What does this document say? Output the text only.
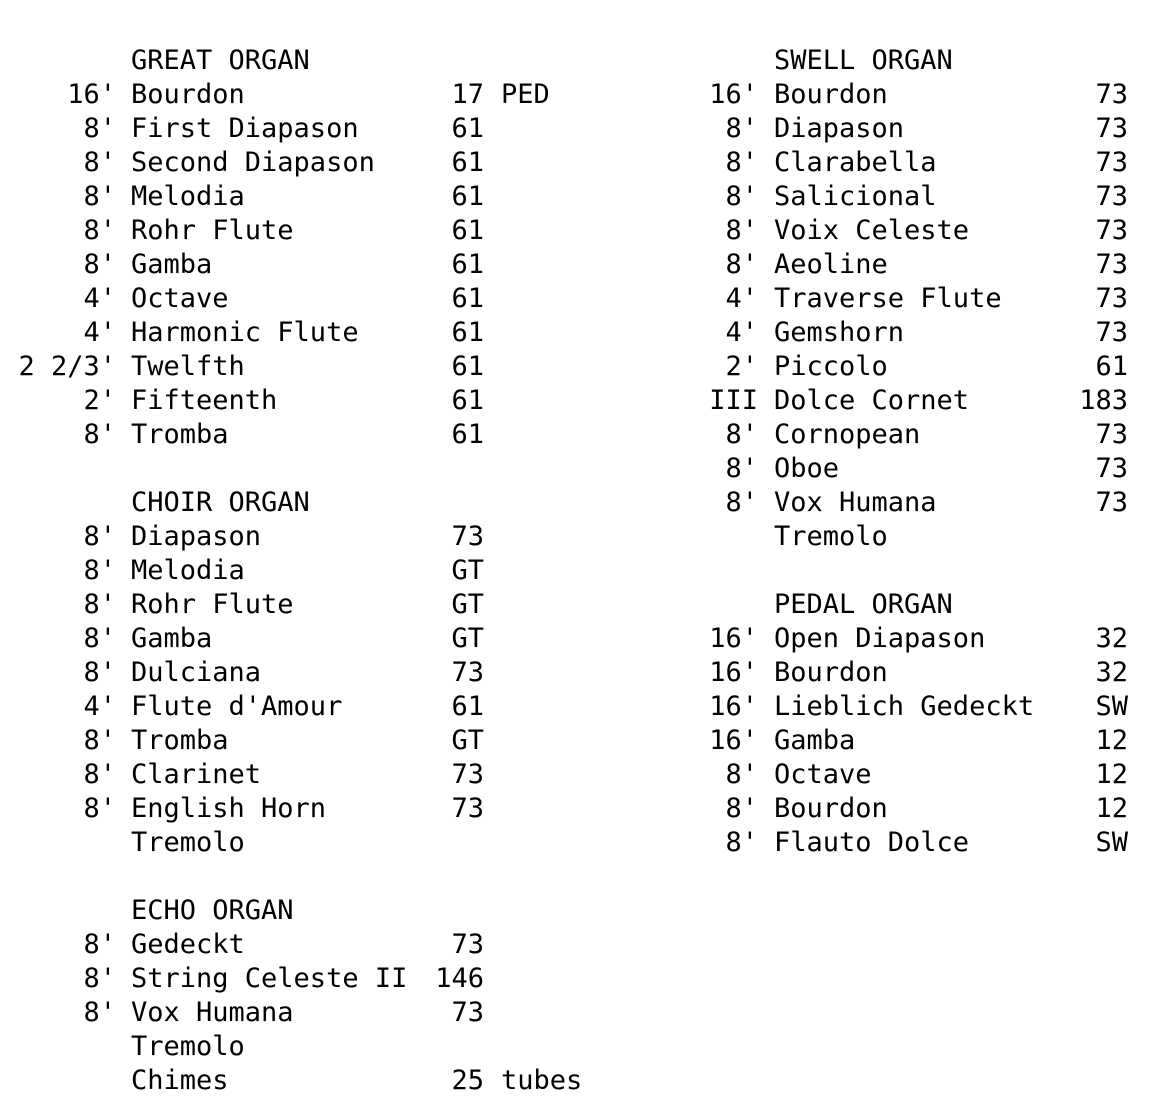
GREAT ORGAN
16' Bourdon	17 PED
8' First Diapason	61
8' Second Diapason	61
8' Melodia	61
8' Rohr Flute	61
8' Gamba	61
4' Octave	61
4' Harmonic Flute	61
2 2/3' Twelfth	61
2' Fifteenth	61
8' Tromba	61
CHOIR ORGAN
8' Diapason	73
8' Melodia	GT
8' Rohr Flute	GT
8' Gamba	GT
8' Dulciana	73
4' Flute d'Amour	61
8' Tromba	GT
8' Clarinet	73
8' English Horn	73
Tremolo
ECHO ORGAN
8' Gedeckt	73
8' String Celeste II	146
8' Vox Humana	73
Tremolo
Chimes	25 tubes
SWELL ORGAN
16' Bourdon	73
8' Diapason	73
8' Clarabella	73
8' Salicional	73
8' Voix Celeste	73
8' Aeoline	73
4' Traverse Flute	73
4' Gemshorn	73
2' Piccolo	61
III Dolce Cornet	183
8' Cornopean	73
8' Oboe	73
8' Vox Humana	73
Tremolo
PEDAL ORGAN
16' Open Diapason	32
16' Bourdon	32
16' Lieblich Gedeckt	SW
16' Gamba	12
8' Octave	12
8' Bourdon	12
8' Flauto Dolce	SW
